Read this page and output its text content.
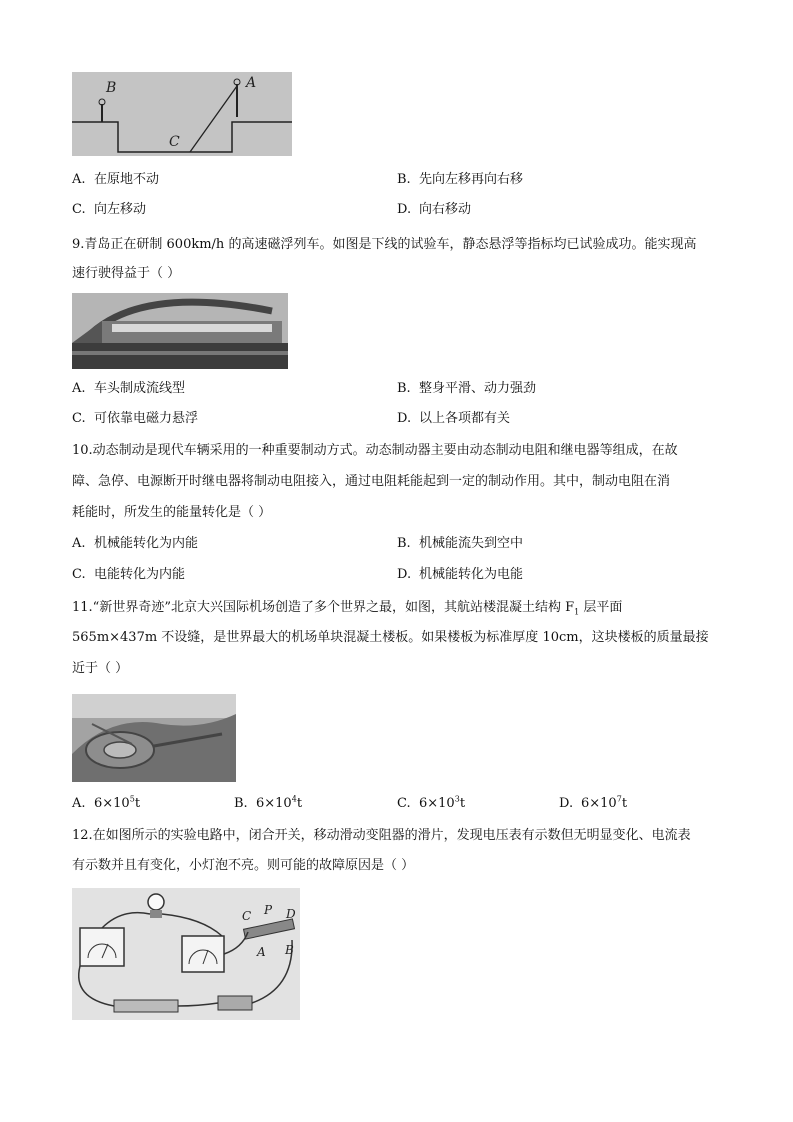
B	A
C
A. 在原地不动	B. 先向左移再向右移
C. 向左移动	D. 向右移动
9.青岛正在研制 600km/h 的高速磁浮列车。如图是下线的试验车，静态悬浮等指标均已试验成功。能实现高
速行驶得益于（ ）
A. 车头制成流线型	B. 整身平滑、动力强劲
C. 可依靠电磁力悬浮	D. 以上各项都有关
10.动态制动是现代车辆采用的一种重要制动方式。动态制动器主要由动态制动电阻和继电器等组成，在故
障、急停、电源断开时继电器将制动电阻接入，通过电阻耗能起到一定的制动作用。其中，制动电阻在消
耗能时，所发生的能量转化是（ ）
A. 机械能转化为内能	B. 机械能流失到空中
C. 电能转化为内能	D. 机械能转化为电能
11.“新世界奇迹”北京大兴国际机场创造了多个世界之最，如图，其航站楼混凝土结构 $F_1$ 层平面
565m×437m 不设缝，是世界最大的机场单块混凝土楼板。如果楼板为标准厚度 10cm，这块楼板的质量最接
近于（ ）
A. $6\times 10^5t$	B. $6\times 10^4t$	C. $6\times 10^3t$	D. $6\times 10^7t$
12.在如图所示的实验电路中，闭合开关，移动滑动变阻器的滑片，发现电压表有示数但无明显变化、电流表
有示数并且有变化，小灯泡不亮。则可能的故障原因是（ ）
C P D
A B
